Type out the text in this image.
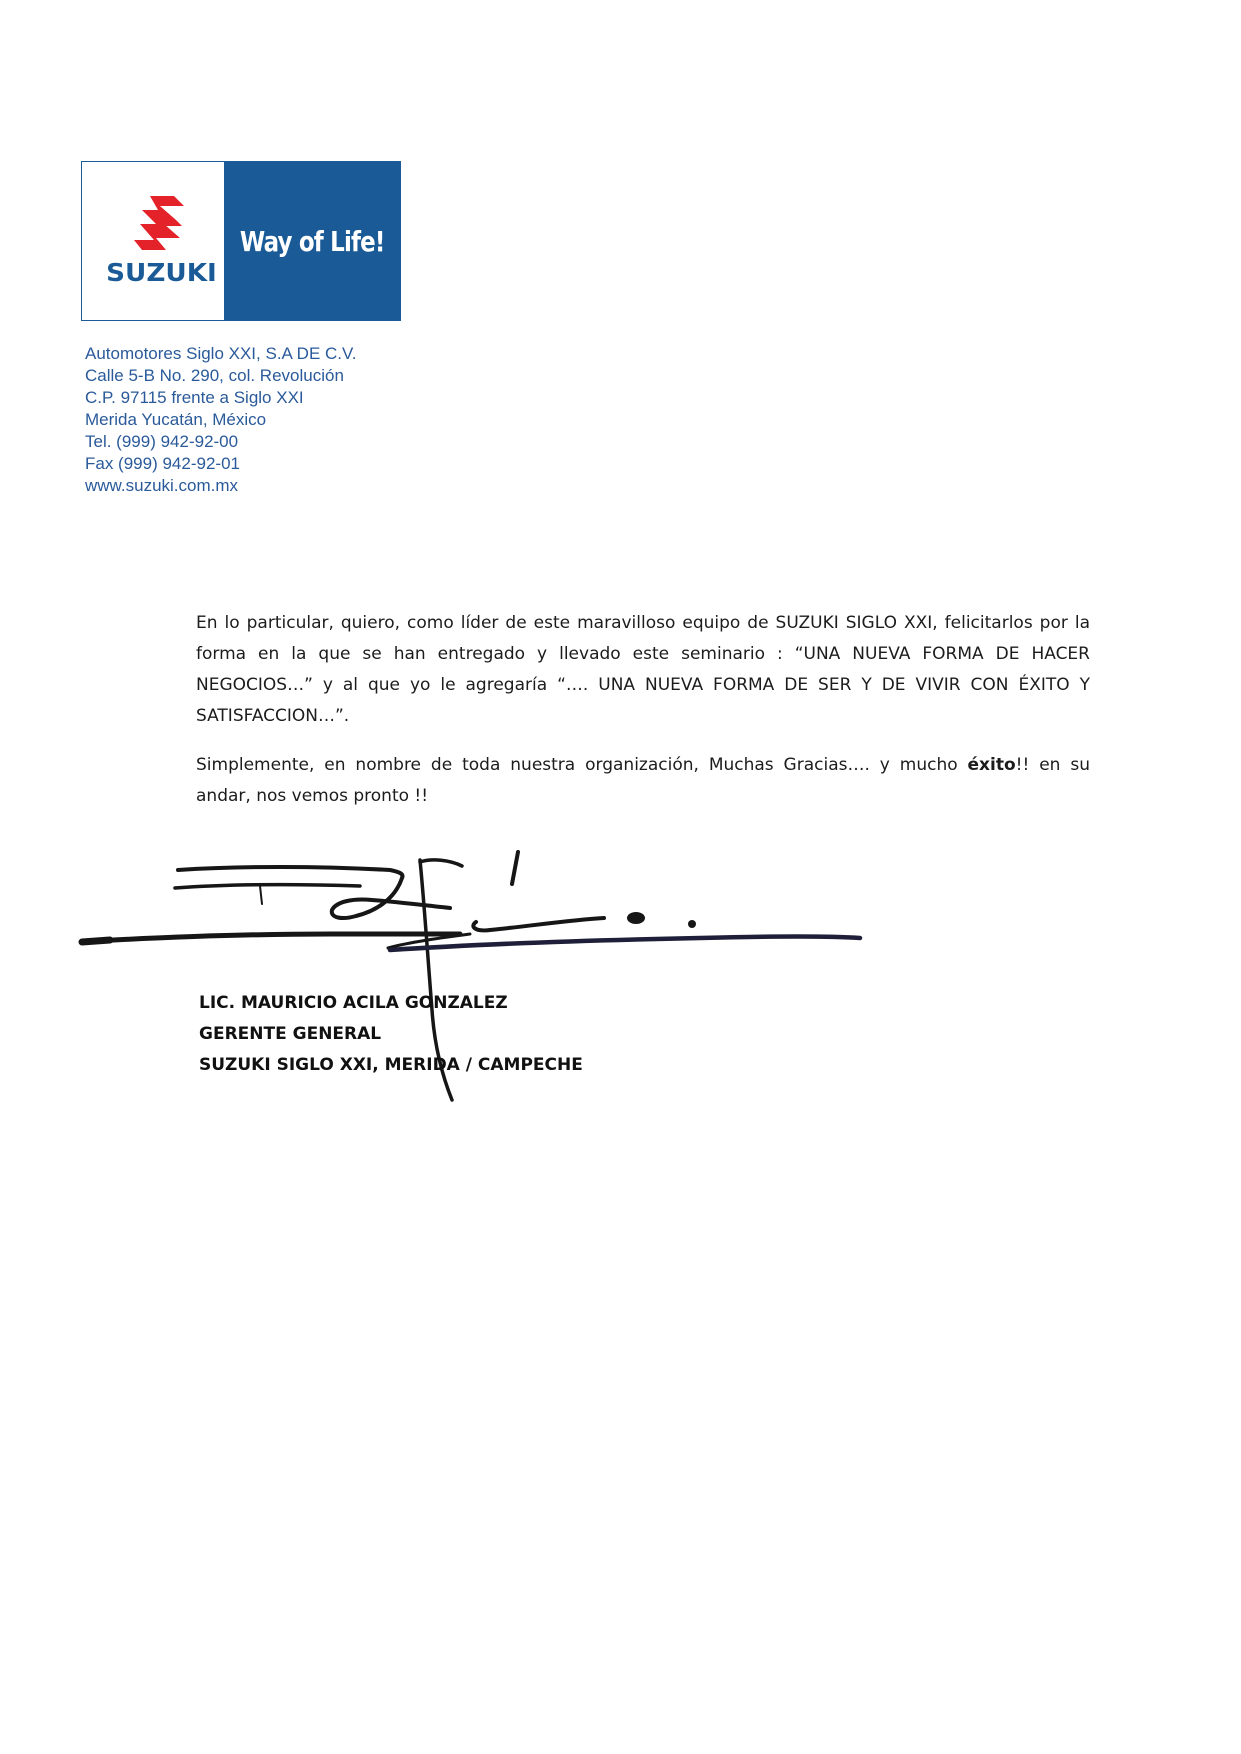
SUZUKI
Way of Life!
Automotores Siglo XXI, S.A DE C.V.
Calle 5-B No. 290, col. Revolución
C.P. 97115 frente a Siglo XXI
Merida Yucatán, México
Tel. (999) 942-92-00
Fax (999) 942-92-01
www.suzuki.com.mx

En lo particular, quiero, como líder de este maravilloso equipo de SUZUKI SIGLO XXI, felicitarlos por la forma en la que se han entregado y llevado este seminario : “UNA NUEVA FORMA DE HACER NEGOCIOS…” y al que yo le agregaría “…. UNA NUEVA FORMA DE SER Y DE VIVIR CON ÉXITO Y SATISFACCION…”.

Simplemente, en nombre de toda nuestra organización, Muchas Gracias…. y mucho éxito!! en su andar, nos vemos pronto !!

LIC. MAURICIO ACILA GONZALEZ
GERENTE GENERAL
SUZUKI SIGLO XXI, MERIDA / CAMPECHE
